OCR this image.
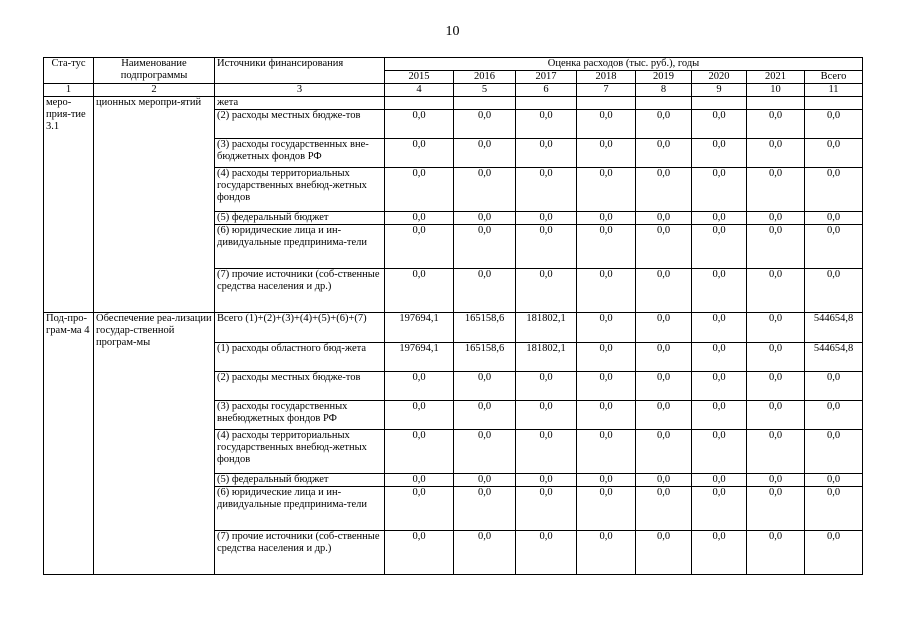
10
Ста-тус	Наименование подпрограммы	Источники финансирования	Оценка расходов (тыс. руб.), годы							
			2015	2016	2017	2018	2019	2020	2021	Всего
1	2	3	4	5	6	7	8	9	10	11
меро-прия-тие 3.1	ционных меропри-ятий	жета								
		(2) расходы местных бюдже-тов	0,0	0,0	0,0	0,0	0,0	0,0	0,0	0,0
		(3) расходы государственных вне-бюджетных фондов РФ	0,0	0,0	0,0	0,0	0,0	0,0	0,0	0,0
		(4) расходы территориальных государственных внебюд-жетных фондов	0,0	0,0	0,0	0,0	0,0	0,0	0,0	0,0
		(5) федеральный бюджет	0,0	0,0	0,0	0,0	0,0	0,0	0,0	0,0
		(6) юридические лица и ин-дивидуальные предпринима-тели	0,0	0,0	0,0	0,0	0,0	0,0	0,0	0,0
		(7) прочие источники (соб-ственные средства населения и др.)	0,0	0,0	0,0	0,0	0,0	0,0	0,0	0,0
Под-про-грам-ма 4	Обеспечение реа-лизации государ-ственной програм-мы	Всего (1)+(2)+(3)+(4)+(5)+(6)+(7)	197694,1	165158,6	181802,1	0,0	0,0	0,0	0,0	544654,8
		(1) расходы областного бюд-жета	197694,1	165158,6	181802,1	0,0	0,0	0,0	0,0	544654,8
		(2) расходы местных бюдже-тов	0,0	0,0	0,0	0,0	0,0	0,0	0,0	0,0
		(3) расходы государственных внебюджетных фондов РФ	0,0	0,0	0,0	0,0	0,0	0,0	0,0	0,0
		(4) расходы территориальных государственных внебюд-жетных фондов	0,0	0,0	0,0	0,0	0,0	0,0	0,0	0,0
		(5) федеральный бюджет	0,0	0,0	0,0	0,0	0,0	0,0	0,0	0,0
		(6) юридические лица и ин-дивидуальные предпринима-тели	0,0	0,0	0,0	0,0	0,0	0,0	0,0	0,0
		(7) прочие источники (соб-ственные средства населения и др.)	0,0	0,0	0,0	0,0	0,0	0,0	0,0	0,0
